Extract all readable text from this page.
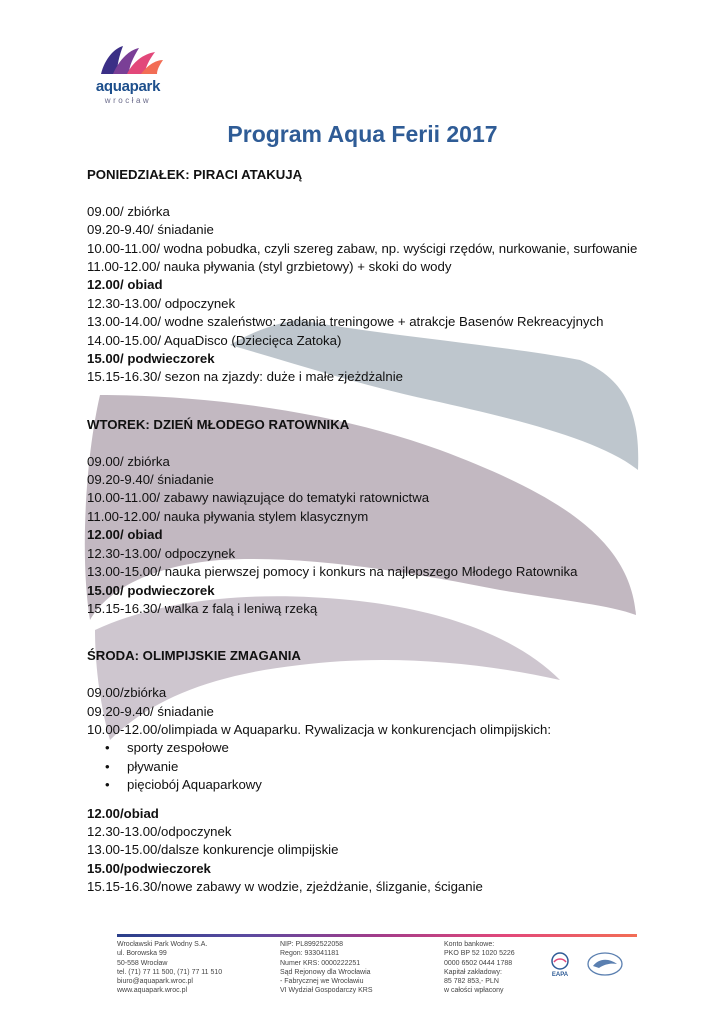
aquapark
wrocław
Program Aqua Ferii 2017

PONIEDZIAŁEK: PIRACI ATAKUJĄ

09.00/ zbiórka

09.20-9.40/ śniadanie

10.00-11.00/ wodna pobudka, czyli szereg zabaw, np. wyścigi rzędów, nurkowanie, surfowanie

11.00-12.00/ nauka pływania (styl grzbietowy) + skoki do wody

12.00/ obiad

12.30-13.00/ odpoczynek

13.00-14.00/ wodne szaleństwo: zadania treningowe + atrakcje Basenów Rekreacyjnych

14.00-15.00/ AquaDisco (Dziecięca Zatoka)

15.00/ podwieczorek

15.15-16.30/ sezon na zjazdy: duże i małe zjeżdżalnie

WTOREK: DZIEŃ MŁODEGO RATOWNIKA

09.00/ zbiórka

09.20-9.40/ śniadanie

10.00-11.00/ zabawy nawiązujące do tematyki ratownictwa

11.00-12.00/ nauka pływania stylem klasycznym

12.00/ obiad

12.30-13.00/ odpoczynek

13.00-15.00/ nauka pierwszej pomocy i konkurs na najlepszego Młodego Ratownika

15.00/ podwieczorek

15.15-16.30/ walka z falą i leniwą rzeką

ŚRODA: OLIMPIJSKIE ZMAGANIA

09.00/zbiórka

09.20-9.40/ śniadanie

10.00-12.00/olimpiada w Aquaparku. Rywalizacja w konkurencjach olimpijskich:

• sporty zespołowe
• pływanie
• pięciobój Aquaparkowy

12.00/obiad

12.30-13.00/odpoczynek

13.00-15.00/dalsze konkurencje olimpijskie

15.00/podwieczorek

15.15-16.30/nowe zabawy w wodzie, zjeżdżanie, ślizganie, ściganie

Wrocławski Park Wodny S.A.

ul. Borowska 99

50-558 Wrocław

tel. (71) 77 11 500, (71) 77 11 510

biuro@aquapark.wroc.pl

www.aquapark.wroc.pl

NIP: PL8992522058

Regon: 933041181

Numer KRS: 0000222251

Sąd Rejonowy dla Wrocławia

- Fabrycznej we Wrocławiu

VI Wydział Gospodarczy KRS

Konto bankowe:

PKO BP 52 1020 5226

0000 6502 0444 1788

Kapitał zakładowy:

85 782 853,- PLN

w całości wpłacony

EAPA
